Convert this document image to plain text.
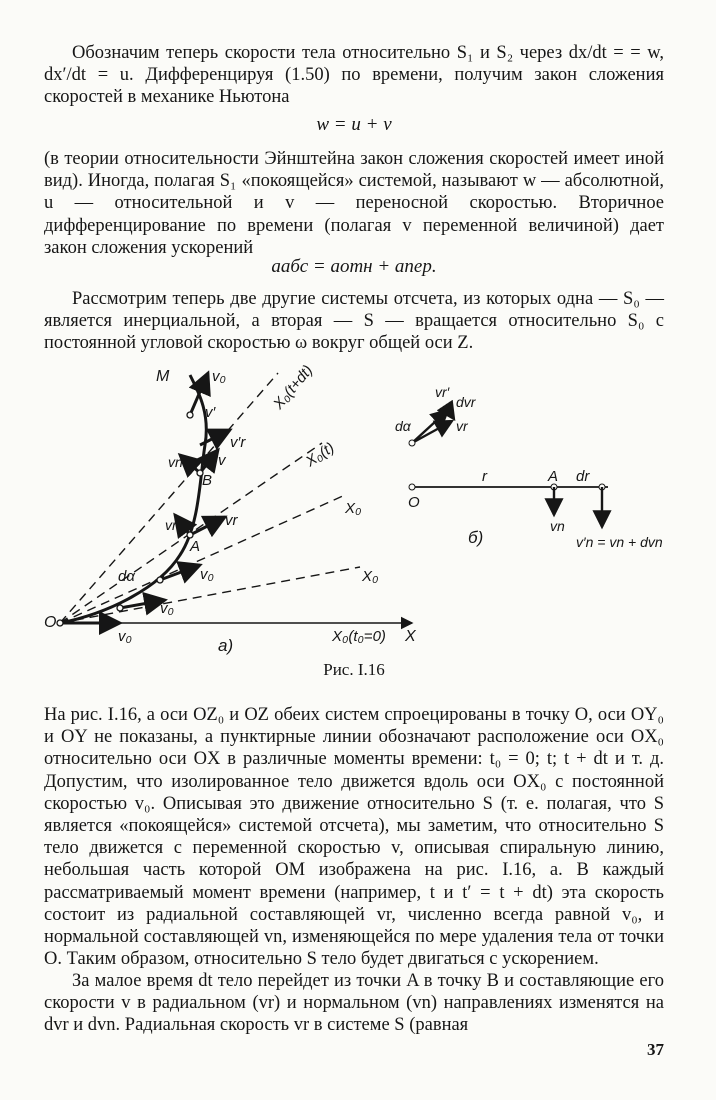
Обозначим теперь скорости тела относительно S₁ и S₂ через dx/dt = = w, dx′/dt = u. Дифференцируя (1.50) по времени, получим закон сложения скоростей в механике Ньютона

w = u + v

(в теории относительности Эйнштейна закон сложения скоростей имеет иной вид). Иногда, полагая S₁ «покоящейся» системой, называют w — абсолютной, u — относительной и v — переносной скоростью. Вторичное дифференцирование по времени (полагая v переменной величиной) дает закон сложения ускорений

aабс = aотн + aпер.

Рассмотрим теперь две другие системы отсчета, из которых одна — S₀ — является инерциальной, а вторая — S — вращается относительно S₀ с постоянной угловой скоростью ω вокруг общей оси Z.

M	v₀	X₀(t+dt)
v′
v′r	X₀(t)
vn
B
v
X₀
vn	vr
A
dα	v₀	X₀
v₀
O
v₀	X₀(t₀=0) X
а)
vr′
dvr
vr
dα
O
r	A dr
vn
v′n = vn + dvn
б)

Рис. I.16

На рис. I.16, а оси OZ₀ и OZ обеих систем спроецированы в точку O, оси OY₀ и OY не показаны, а пунктирные линии обозначают расположение оси OX₀ относительно оси OX в различные моменты времени: t₀ = 0; t; t + dt и т. д. Допустим, что изолированное тело движется вдоль оси OX₀ с постоянной скоростью v₀. Описывая это движение относительно S (т. е. полагая, что S является «покоящейся» системой отсчета), мы заметим, что относительно S тело движется с переменной скоростью v, описывая спиральную линию, небольшая часть которой OM изображена на рис. I.16, а. В каждый рассматриваемый момент времени (например, t и t′ = t + dt) эта скорость состоит из радиальной составляющей vr, численно всегда равной v₀, и нормальной составляющей vn, изменяющейся по мере удаления тела от точки O. Таким образом, относительно S тело будет двигаться с ускорением.

За малое время dt тело перейдет из точки A в точку B и составляющие его скорости v в радиальном (vr) и нормальном (vn) направлениях изменятся на dvr и dvn. Радиальная скорость vr в системе S (равная

37
